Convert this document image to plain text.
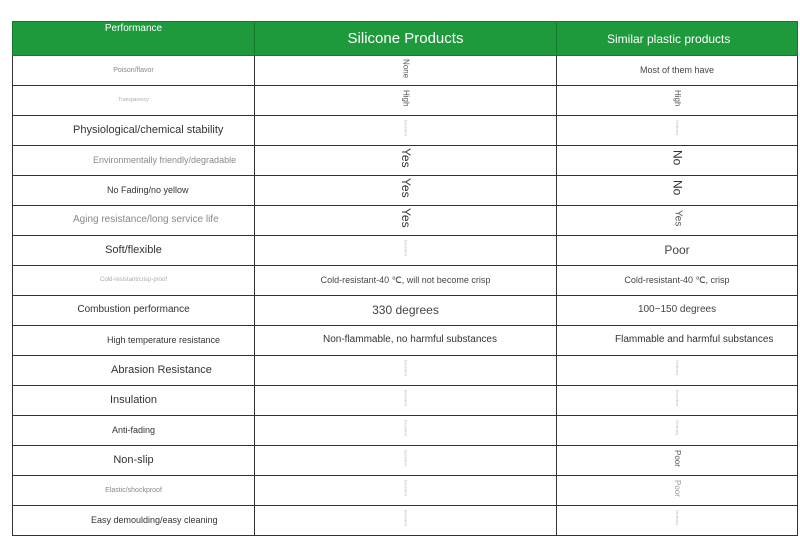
Performance	Silicone Products	Similar plastic products
Poison/flavor	None	Most of them have
Transparency	High	High
Physiological/chemical stability	Excellent	Ordinary
Environmentally friendly/degradable	Yes	No
No Fading/no yellow	Yes	No
Aging resistance/long service life	Yes	Yes
Soft/flexible	Excellent	Poor
Cold-resistant/crisp-proof	Cold-resistant-40 ℃, will not become crisp	Cold-resistant-40 ℃, crisp
Combustion performance	330 degrees	100~150 degrees
High temperature resistance	Non-flammable, no harmful substances	Flammable and harmful substances
Abrasion Resistance	Excellent	Ordinary
Insulation	Excellent	Excellent
Anti-fading	Excellent	Ordinary
Non-slip	Excellent	Poor
Elastic/shockproof	Excellent	Poor
Easy demoulding/easy cleaning	Excellent	Ordinary
